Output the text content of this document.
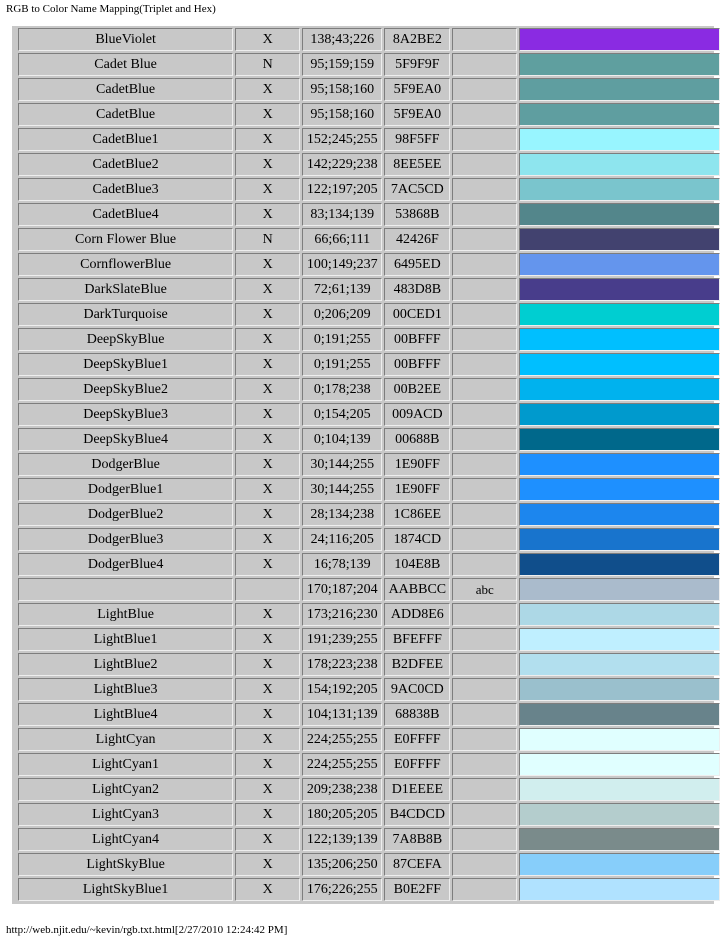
RGB to Color Name Mapping(Triplet and Hex)
BlueViolet	X	138;43;226	8A2BE2		
Cadet Blue	N	95;159;159	5F9F9F		
CadetBlue	X	95;158;160	5F9EA0		
CadetBlue	X	95;158;160	5F9EA0		
CadetBlue1	X	152;245;255	98F5FF		
CadetBlue2	X	142;229;238	8EE5EE		
CadetBlue3	X	122;197;205	7AC5CD		
CadetBlue4	X	83;134;139	53868B		
Corn Flower Blue	N	66;66;111	42426F		
CornflowerBlue	X	100;149;237	6495ED		
DarkSlateBlue	X	72;61;139	483D8B		
DarkTurquoise	X	0;206;209	00CED1		
DeepSkyBlue	X	0;191;255	00BFFF		
DeepSkyBlue1	X	0;191;255	00BFFF		
DeepSkyBlue2	X	0;178;238	00B2EE		
DeepSkyBlue3	X	0;154;205	009ACD		
DeepSkyBlue4	X	0;104;139	00688B		
DodgerBlue	X	30;144;255	1E90FF		
DodgerBlue1	X	30;144;255	1E90FF		
DodgerBlue2	X	28;134;238	1C86EE		
DodgerBlue3	X	24;116;205	1874CD		
DodgerBlue4	X	16;78;139	104E8B		
		170;187;204	AABBCC	abc	
LightBlue	X	173;216;230	ADD8E6		
LightBlue1	X	191;239;255	BFEFFF		
LightBlue2	X	178;223;238	B2DFEE		
LightBlue3	X	154;192;205	9AC0CD		
LightBlue4	X	104;131;139	68838B		
LightCyan	X	224;255;255	E0FFFF		
LightCyan1	X	224;255;255	E0FFFF		
LightCyan2	X	209;238;238	D1EEEE		
LightCyan3	X	180;205;205	B4CDCD		
LightCyan4	X	122;139;139	7A8B8B		
LightSkyBlue	X	135;206;250	87CEFA		
LightSkyBlue1	X	176;226;255	B0E2FF		
http://web.njit.edu/~kevin/rgb.txt.html[2/27/2010 12:24:42 PM]
